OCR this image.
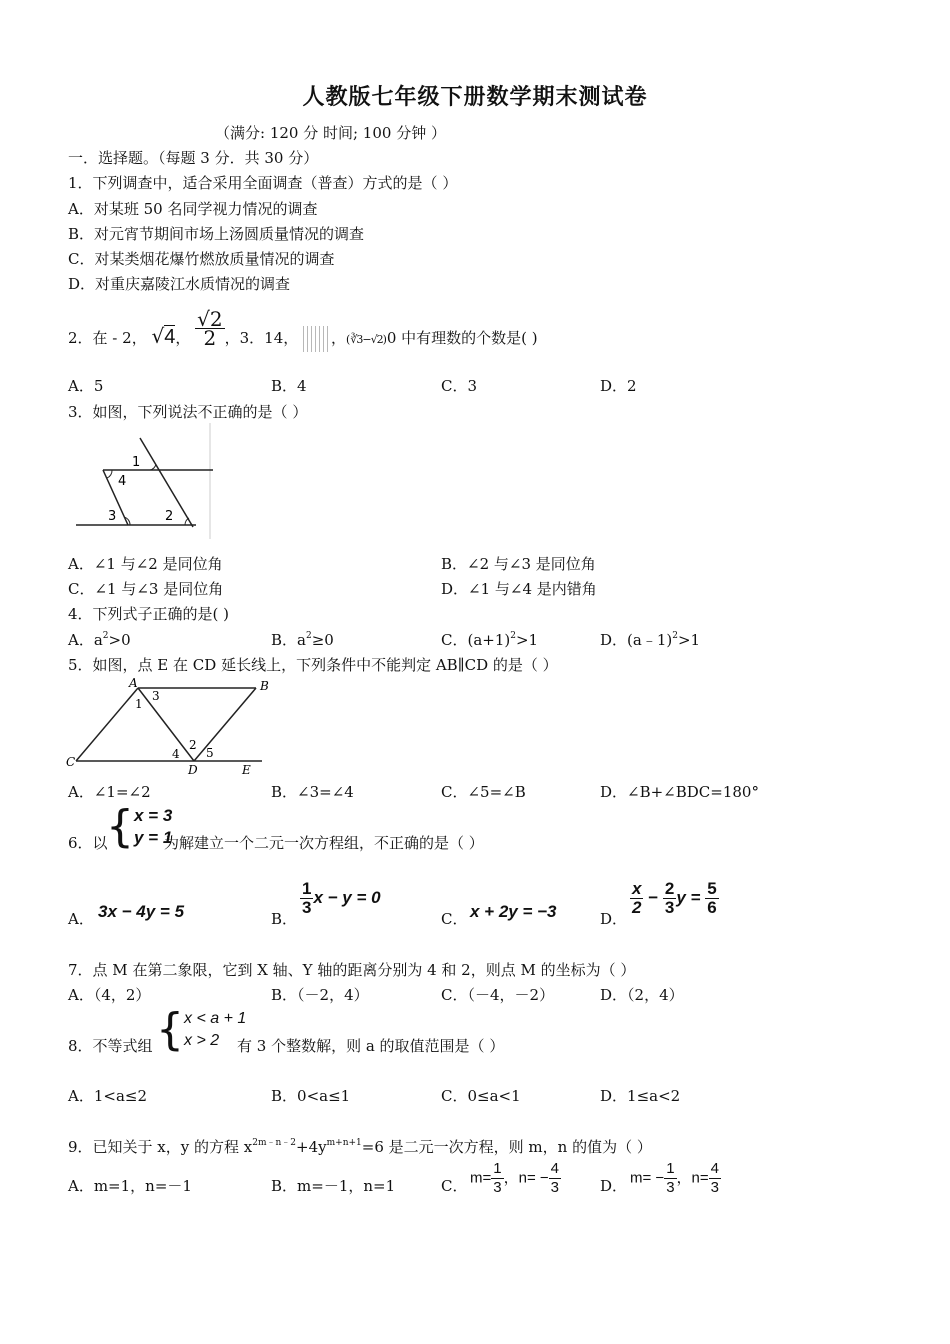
人教版七年级下册数学期末测试卷
（满分: 120 分 时间; 100 分钟 ）
一．选择题。（每题 3 分．共 30 分）
1．下列调查中，适合采用全面调查（普查）方式的是（ ）
A．对某班 50 名同学视力情况的调查
B．对元宵节期间市场上汤圆质量情况的调查
C．对某类烟花爆竹燃放质量情况的调查
D．对重庆嘉陵江水质情况的调查
2．在 - 2， √4， $\frac{√2}{2}$ ，3．14， ，(∛3−√2)0 中有理数的个数是( )
A．5	B．4	C．3	D．2
3．如图，下列说法不正确的是（ ）
1
4
3	2
A．∠1 与∠2 是同位角	B．∠2 与∠3 是同位角
C．∠1 与∠3 是同位角	D．∠1 与∠4 是内错角
4．下列式子正确的是( )
A．$a^2>0$	B．$a^2\ge 0$	C．$(a+1)^2>1$	D．(a﹣1)$^2$>1
5．如图，点 E 在 CD 延长线上，下列条件中不能判定 AB∥CD 的是（ ）
A	B
C
D	E
1
2
3
4 5
A．∠1=∠2	B．∠3=∠4	C．∠5=∠B	D．∠B+∠BDC=180°
6．以
{ x = 3
y = 1
为解建立一个二元一次方程组，不正确的是（ ）
A． 3x − 4y = 5	B．
$\frac{1}{3}$ x − y = 0
C． x + 2y = −3	D．
$\frac{x}{2} - \frac{2}{3}$ $y = \frac{5}{6}$
7．点 M 在第二象限，它到 X 轴、Y 轴的距离分别为 4 和 2，则点 M 的坐标为（ ）
A．（4，2）	B．（－2，4）	C．（－4，－2）	D．（2，4）
8．不等式组 { x < a + 1
x > 2	有 3 个整数解，则 a 的取值范围是（ ）
A．1<a≤2	B．0<a≤1	C．0≤a<1	D．1≤a<2
9．已知关于 x，y 的方程 $x^{2m﹣n﹣2}+4y^{m+n+1}=6$ 是二元一次方程，则 m，n 的值为（ ）
A．m=1，n=－1	B．m=－1，n=1	C． $m= \frac{1}{3}$ ，$n= - \frac{4}{3}$	D． $m= - \frac{1}{3}$ ，$n= \frac{4}{3}$
